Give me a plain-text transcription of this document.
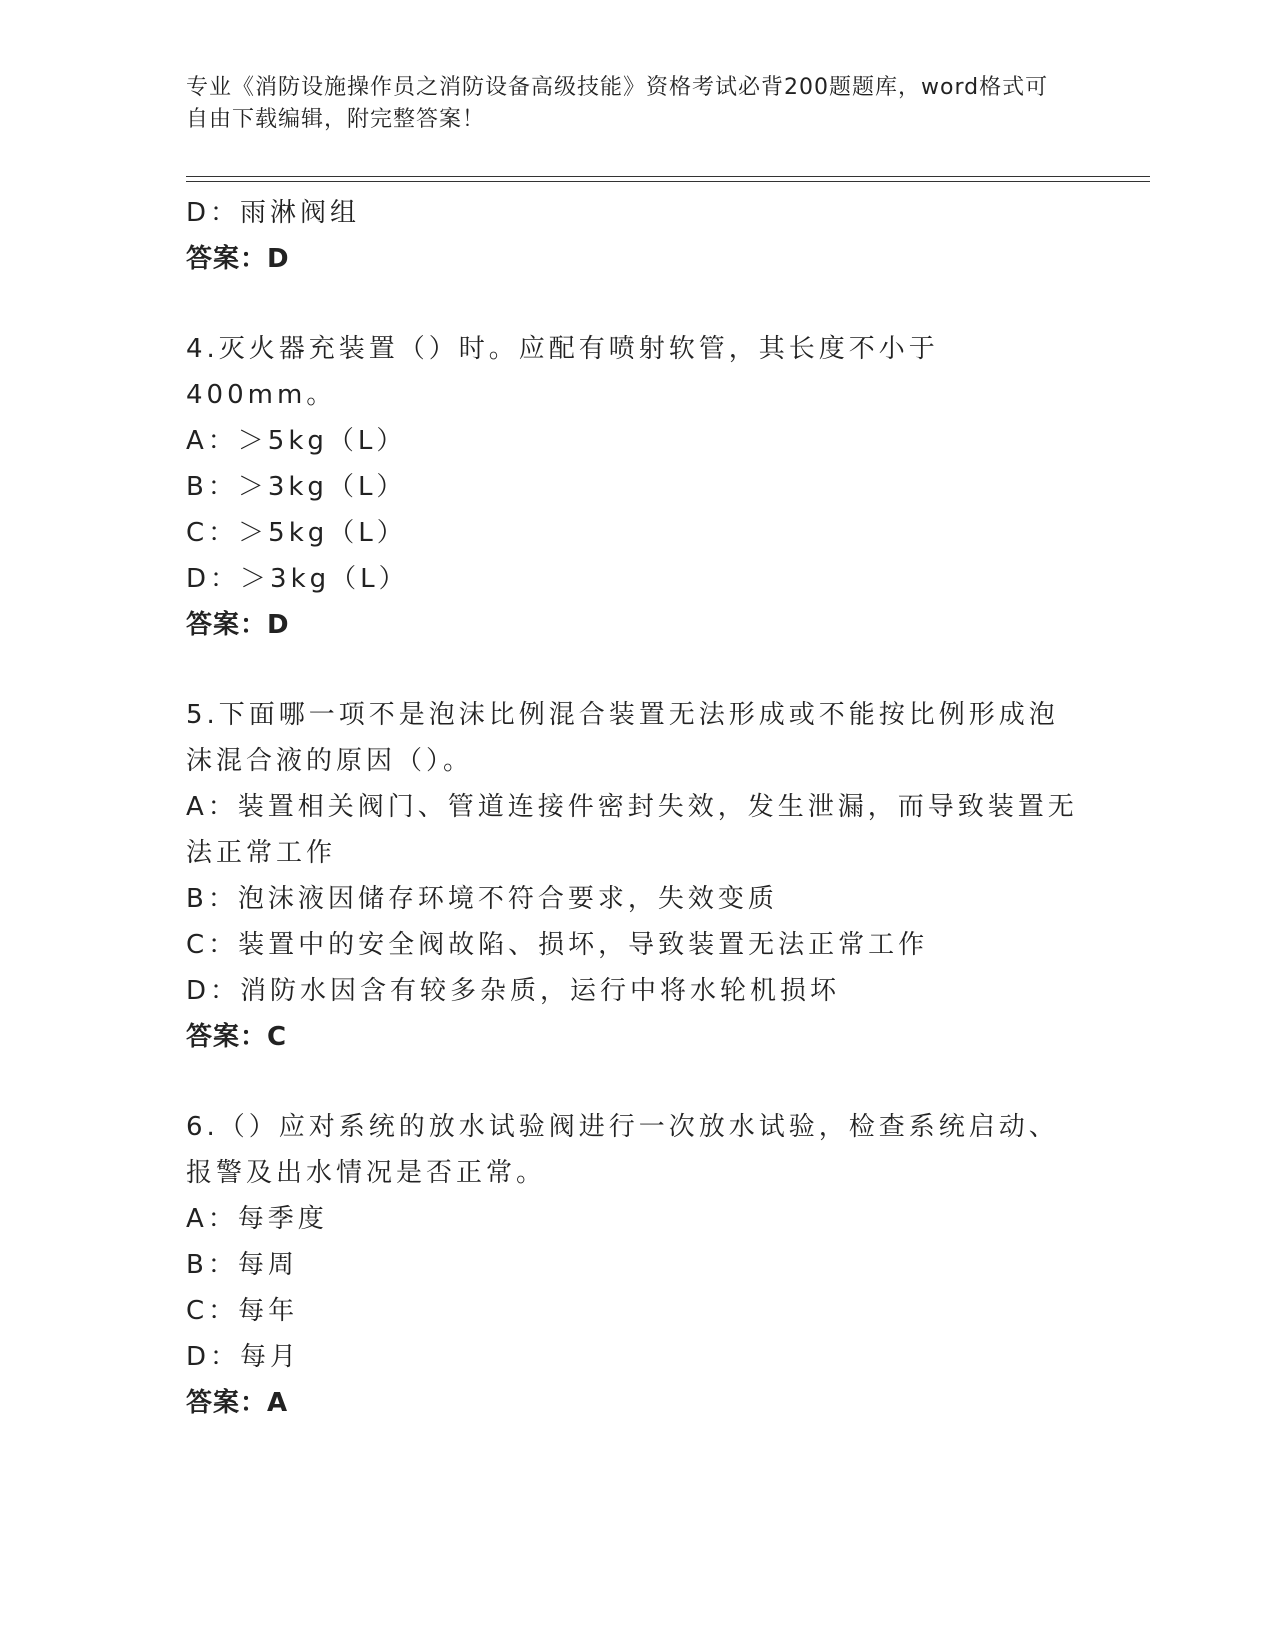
专业《消防设施操作员之消防设备高级技能》资格考试必背200题题库，word格式可自由下载编辑，附完整答案！
D：雨淋阀组
答案：D
4.灭火器充装置（）时。应配有喷射软管，其长度不小于400mm。
A：＞5kg（L）
B：＞3kg（L）
C：＞5kg（L）
D：＞3kg（L）
答案：D
5.下面哪一项不是泡沫比例混合装置无法形成或不能按比例形成泡沫混合液的原因（）。
A：装置相关阀门、管道连接件密封失效，发生泄漏，而导致装置无法正常工作
B：泡沫液因储存环境不符合要求，失效变质
C：装置中的安全阀故陷、损坏，导致装置无法正常工作
D：消防水因含有较多杂质，运行中将水轮机损坏
答案：C
6.（）应对系统的放水试验阀进行一次放水试验，检查系统启动、报警及出水情况是否正常。
A：每季度
B：每周
C：每年
D：每月
答案：A
